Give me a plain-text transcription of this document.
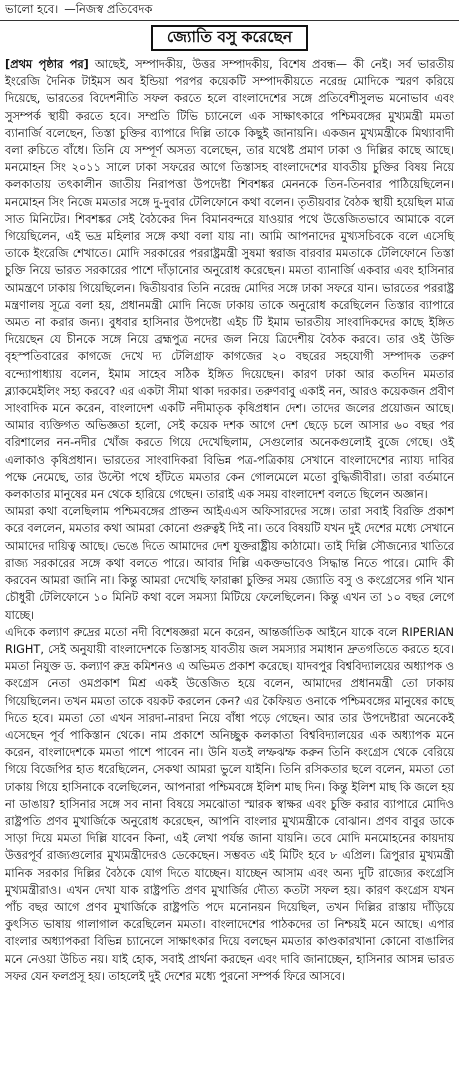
ভালো হবে। —নিজস্ব প্রতিবেদক
জ্যোতি বসু করেছেন

[প্রথম পৃষ্ঠার পর] আছেই, সম্পাদকীয়, উত্তর সম্পাদকীয়, বিশেষ প্রবন্ধ— কী নেই। সর্ব ভারতীয় ইংরেজি দৈনিক টাইমস অব ইন্ডিয়া পরপর কয়েকটি সম্পাদকীয়তে নরেন্দ্র মোদিকে স্মরণ করিয়ে দিয়েছে, ভারতের বিদেশনীতি সফল করতে হলে বাংলাদেশের সঙ্গে প্রতিবেশীসুলভ মনোভাব এবং সুসম্পর্ক স্থায়ী করতে হবে। সম্প্রতি টিভি চ্যানেলে এক সাক্ষাৎকারে পশ্চিমবঙ্গের মুখ্যমন্ত্রী মমতা ব্যানার্জি বলেছেন, তিস্তা চুক্তির ব্যাপারে দিল্লি তাকে কিছুই জানায়নি। একজন মুখ্যমন্ত্রীকে মিথ্যাবাদী বলা রুচিতে বাঁধে। তিনি যে সম্পূর্ণ অসত্য বলেছেন, তার যথেষ্ট প্রমাণ ঢাকা ও দিল্লির কাছে আছে। মনমোহন সিং ২০১১ সালে ঢাকা সফরের আগে তিস্তাসহ বাংলাদেশের যাবতীয় চুক্তির বিষয় নিয়ে কলকাতায় তৎকালীন জাতীয় নিরাপত্তা উপদেষ্টা শিবশঙ্কর মেননকে তিন-তিনবার পাঠিয়েছিলেন। মনমোহন সিং নিজে মমতার সঙ্গে দু-দুবার টেলিফোনে কথা বলেন। তৃতীয়বার বৈঠক স্থায়ী হয়েছিল মাত্র সাত মিনিটের। শিবশঙ্কর সেই বৈঠকের দিন বিমানবন্দরে যাওয়ার পথে উত্তেজিতভাবে আমাকে বলে গিয়েছিলেন, এই ভদ্র মহিলার সঙ্গে কথা বলা যায় না। আমি আপনাদের মুখ্যসচিবকে বলে এসেছি তাকে ইংরেজি শেখাতে। মোদি সরকারের পররাষ্ট্রমন্ত্রী সুষমা স্বরাজ বারবার মমতাকে টেলিফোনে তিস্তা চুক্তি নিয়ে ভারত সরকারের পাশে দাঁড়ানোর অনুরোধ করেছেন। মমতা ব্যানার্জি একবার এবং হাসিনার আমন্ত্রণে ঢাকায় গিয়েছিলেন। দ্বিতীয়বার তিনি নরেন্দ্র মোদির সঙ্গে ঢাকা সফরে যান। ভারতের পররাষ্ট্র মন্ত্রণালয় সূত্রে বলা হয়, প্রধানমন্ত্রী মোদি নিজে ঢাকায় তাকে অনুরোধ করেছিলেন তিস্তার ব্যাপারে অমত না করার জন্য। বুধবার হাসিনার উপদেষ্টা এইচ টি ইমাম ভারতীয় সাংবাদিকদের কাছে ইঙ্গিত দিয়েছেন যে চীনকে সঙ্গে নিয়ে ব্রহ্মপুত্র নদের জল নিয়ে ত্রিদেশীয় বৈঠক করবে। তার ওই উক্তি বৃহস্পতিবারের কাগজে দেখে দ্য টেলিগ্রাফ কাগজের ২০ বছরের সহযোগী সম্পাদক তরুণ বন্দ্যোপাধ্যায় বলেন, ইমাম সাহেব সঠিক ইঙ্গিত দিয়েছেন। কারণ ঢাকা আর কতদিন মমতার ব্ল্যাকমেইলিং সহ্য করবে? এর একটা সীমা থাকা দরকার। তরুণবাবু একাই নন, আরও কয়েকজন প্রবীণ সাংবাদিক মনে করেন, বাংলাদেশ একটি নদীমাতৃক কৃষিপ্রধান দেশ। তাদের জলের প্রয়োজন আছে। আমার ব্যক্তিগত অভিজ্ঞতা হলো, সেই কয়েক দশক আগে দেশ ছেড়ে চলে আসার ৬০ বছর পর বরিশালের নন-নদীর খোঁজ করতে গিয়ে দেখেছিলাম, সেগুলোর অনেকগুলোই বুজে গেছে। ওই এলাকাও কৃষিপ্রধান। ভারতের সাংবাদিকরা বিভিন্ন পত্র-পত্রিকায় সেখানে বাংলাদেশের ন্যায্য দাবির পক্ষে নেমেছে, তার উল্টো পথে হাঁটতে মমতার কেন গোলমেলে মতো বুদ্ধিজীবীরা। তারা বর্তমানে কলকাতার মানুষের মন থেকে হারিয়ে গেছেন। তারাই এক সময় বাংলাদেশ বলতে ছিলেন অজ্ঞান।

আমরা কথা বলেছিলাম পশ্চিমবঙ্গের প্রাক্তন আইএএস অফিসারদের সঙ্গে। তারা সবাই বিরক্তি প্রকাশ করে বললেন, মমতার কথা আমরা কোনো গুরুত্বই দিই না। তবে বিষয়টি যখন দুই দেশের মধ্যে সেখানে আমাদের দায়িত্ব আছে। ভেঙে দিতে আমাদের দেশ যুক্তরাষ্ট্রীয় কাঠামো। তাই দিল্লি সৌজন্যের খাতিরে রাজ্য সরকারের সঙ্গে কথা বলতে পারে। আবার দিল্লি একক্তভাবেও সিদ্ধান্ত নিতে পারে। মোদি কী করবেন আমরা জানি না। কিন্তু আমরা দেখেছি ফারাক্কা চুক্তির সময় জ্যোতি বসু ও কংগ্রেসের গনি খান চৌধুরী টেলিফোনে ১০ মিনিট কথা বলে সমস্যা মিটিয়ে ফেলেছিলেন। কিন্তু এখন তা ১০ বছর লেগে যাচ্ছে।

এদিকে কল্যাণ রুদ্রের মতো নদী বিশেষজ্ঞরা মনে করেন, আন্তর্জাতিক আইনে যাকে বলে RIPERIAN RIGHT, সেই অনুযায়ী বাংলাদেশকে তিস্তাসহ যাবতীয় জল সমস্যার সমাধান দ্রুতগতিতে করতে হবে। মমতা নিযুক্ত ড. কল্যাণ রুদ্র কমিশনও এ অভিমত প্রকাশ করেছে। যাদবপুর বিশ্ববিদ্যালয়ের অধ্যাপক ও কংগ্রেস নেতা ওমপ্রকাশ মিশ্র একই উত্তেজিত হয়ে বলেন, আমাদের প্রধানমন্ত্রী তো ঢাকায় গিয়েছিলেন। তখন মমতা তাকে বয়কট করলেন কেন? এর কৈফিয়ত ওনাকে পশ্চিমবঙ্গের মানুষের কাছে দিতে হবে। মমতা তো এখন সারদা-নারদা নিয়ে বাঁধা পড়ে গেছেন। আর তার উপদেষ্টারা অনেকেই এসেছেন পূর্ব পাকিস্তান থেকে। নাম প্রকাশে অনিচ্ছুক কলকাতা বিশ্ববিদ্যালয়ের এক অধ্যাপক মনে করেন, বাংলাদেশকে মমতা পাশে পাবেন না। উনি যতই লম্ফঝম্ফ করুন তিনি কংগ্রেস থেকে বেরিয়ে গিয়ে বিজেপির হাত ধরেছিলেন, সেকথা আমরা ভুলে যাইনি। তিনি রসিকতার ছলে বলেন, মমতা তো ঢাকায় গিয়ে হাসিনাকে বলেছিলেন, আপনারা পশ্চিমবঙ্গে ইলিশ মাছ দিন। কিন্তু ইলিশ মাছ কি জলে হয় না ডাঙায়? হাসিনার সঙ্গে সব নানা বিষয়ে সমঝোতা স্মারক স্বাক্ষর এবং চুক্তি করার ব্যাপারে মোদিও রাষ্ট্রপতি প্রণব মুখার্জিকে অনুরোধ করেছেন, আপনি বাংলার মুখ্যমন্ত্রীকে বোঝান। প্রণব বাবুর ডাকে সাড়া দিয়ে মমতা দিল্লি যাবেন কিনা, এই লেখা পর্যন্ত জানা যায়নি। তবে মোদি মনমোহনের কায়দায় উত্তরপূর্ব রাজ্যগুলোর মুখ্যমন্ত্রীদেরও ডেকেছেন। সম্ভবত এই মিটিং হবে ৮ এপ্রিল। ত্রিপুরার মুখ্যমন্ত্রী মানিক সরকার দিল্লির বৈঠকে যোগ দিতে যাচ্ছেন। যাচ্ছেন আসাম এবং অন্য দুটি রাজ্যের কংগ্রেসি মুখ্যমন্ত্রীরাও। এখন দেখা যাক রাষ্ট্রপতি প্রণব মুখার্জির দৌত্য কতটা সফল হয়। কারণ কংগ্রেস যখন পাঁচ বছর আগে প্রণব মুখার্জিকে রাষ্ট্রপতি পদে মনোনয়ন দিয়েছিল, তখন দিল্লির রাস্তায় দাঁড়িয়ে কুৎসিত ভাষায় গালাগাল করেছিলেন মমতা। বাংলাদেশের পাঠকদের তা নিশ্চয়ই মনে আছে। এপার বাংলার অধ্যাপকরা বিভিন্ন চ্যানেলে সাক্ষাৎকার দিয়ে বলছেন মমতার কাণ্ডকারখানা কোনো বাঙালির মনে নেওয়া উচিত নয়। যাই হোক, সবাই প্রার্থনা করছেন এবং দাবি জানাচ্ছেন, হাসিনার আসন্ন ভারত সফর যেন ফলপ্রসূ হয়। তাহলেই দুই দেশের মধ্যে পুরনো সম্পর্ক ফিরে আসবে।
